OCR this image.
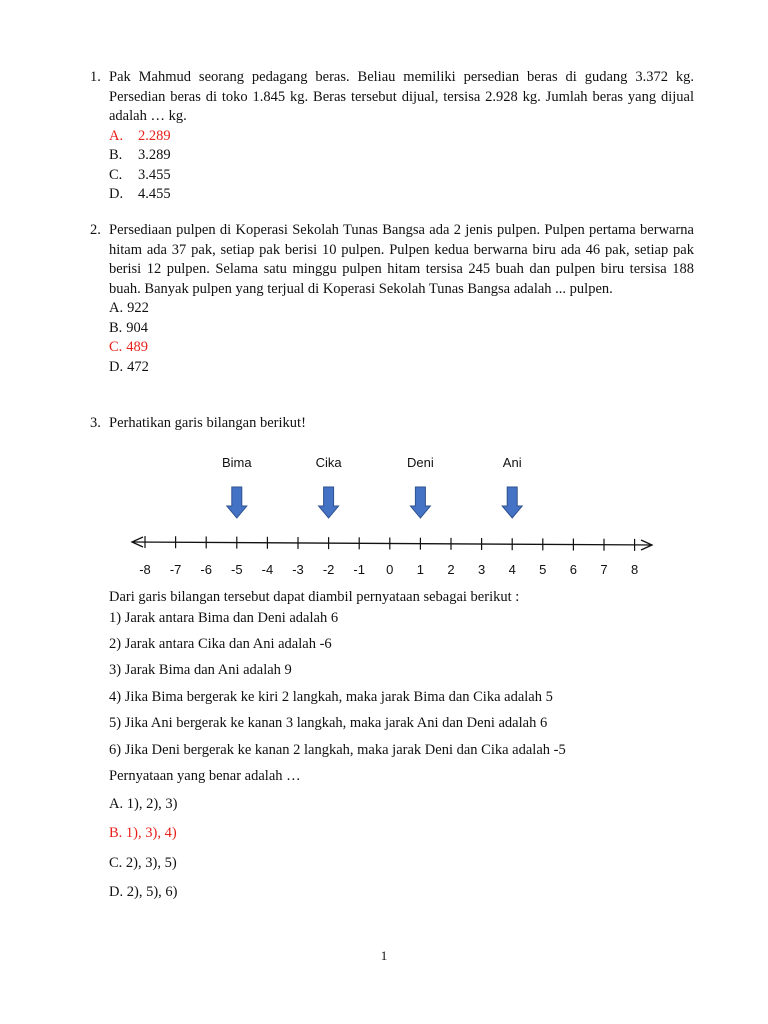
1. Pak Mahmud seorang pedagang beras. Beliau memiliki persedian beras di gudang 3.372 kg. Persedian beras di toko 1.845 kg. Beras tersebut dijual, tersisa 2.928 kg. Jumlah beras yang dijual adalah … kg.
A. 2.289
B. 3.289
C. 3.455
D. 4.455
2. Persediaan pulpen di Koperasi Sekolah Tunas Bangsa ada 2 jenis pulpen. Pulpen pertama berwarna hitam ada 37 pak, setiap pak berisi 10 pulpen. Pulpen kedua berwarna biru ada 46 pak, setiap pak berisi 12 pulpen. Selama satu minggu pulpen hitam tersisa 245 buah dan pulpen biru tersisa 188 buah. Banyak pulpen yang terjual di Koperasi Sekolah Tunas Bangsa adalah ... pulpen.
A. 922
B. 904
C. 489
D. 472
3. Perhatikan garis bilangan berikut!
Bima	Cika	Deni	Ani
-8 -7 -6 -5 -4 -3 -2 -1 0 1 2 3 4 5 6 7 8
Dari garis bilangan tersebut dapat diambil pernyataan sebagai berikut :
1) Jarak antara Bima dan Deni adalah 6
2) Jarak antara Cika dan Ani adalah -6
3) Jarak Bima dan Ani adalah 9
4) Jika Bima bergerak ke kiri 2 langkah, maka jarak Bima dan Cika adalah 5
5) Jika Ani bergerak ke kanan 3 langkah, maka jarak Ani dan Deni adalah 6
6) Jika Deni bergerak ke kanan 2 langkah, maka jarak Deni dan Cika adalah -5
Pernyataan yang benar adalah …
A. 1), 2), 3)
B. 1), 3), 4)
C. 2), 3), 5)
D. 2), 5), 6)
1
